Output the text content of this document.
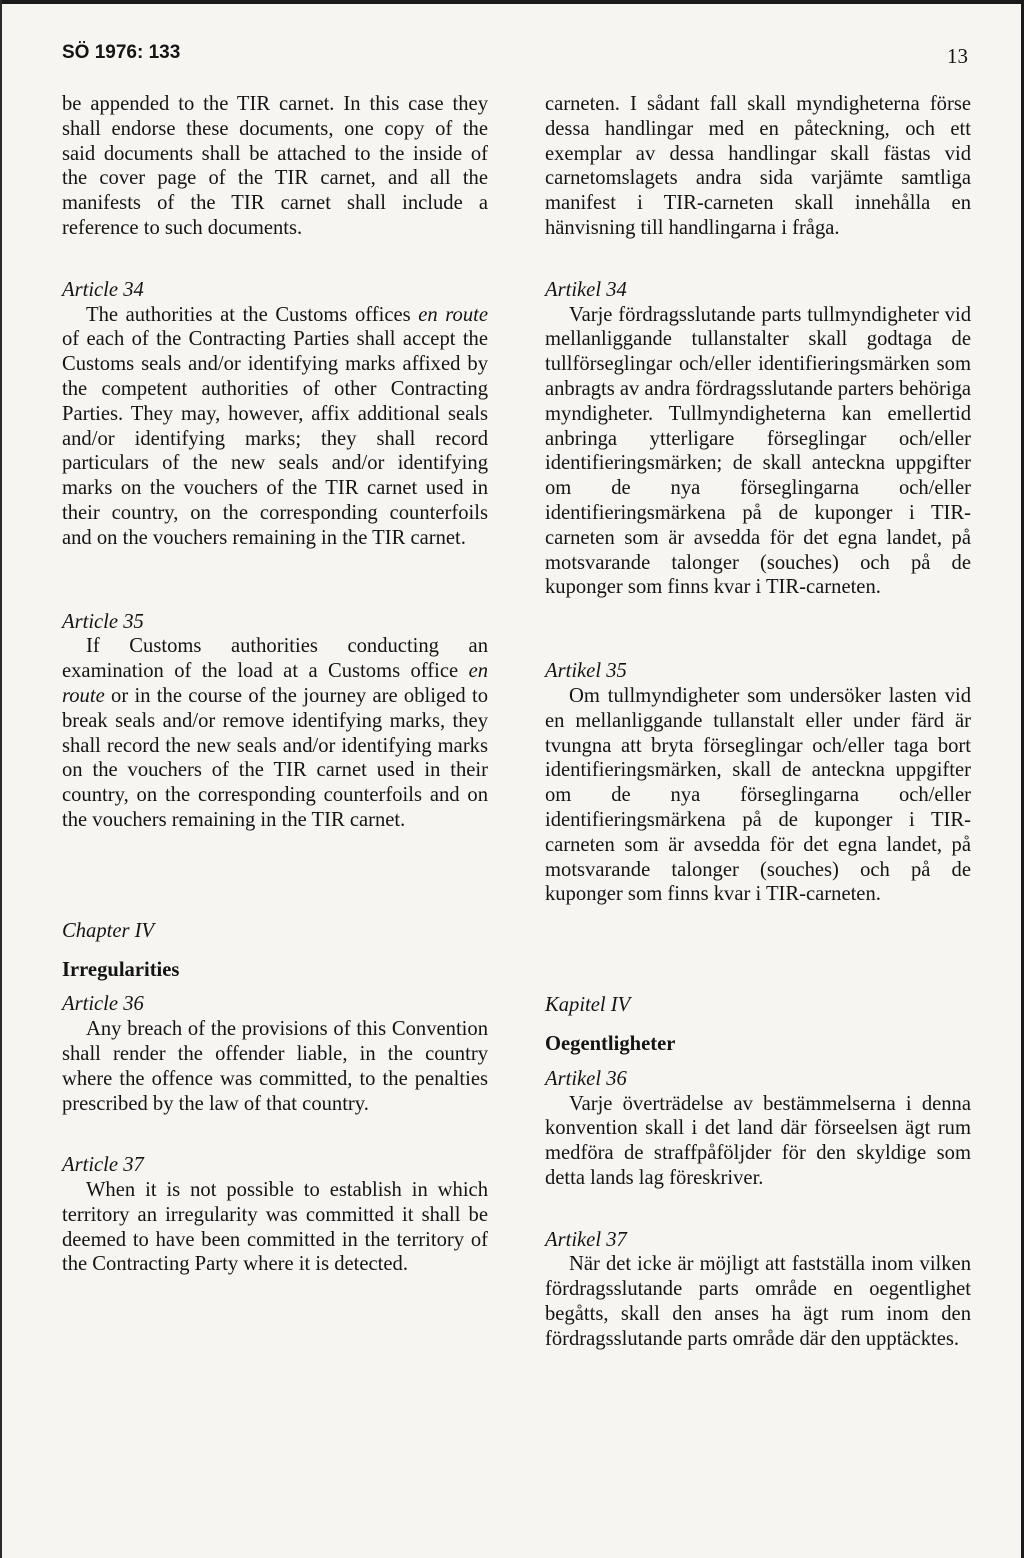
SÖ 1976: 133	13

be appended to the TIR carnet. In this case they shall endorse these documents, one copy of the said documents shall be attached to the inside of the cover page of the TIR carnet, and all the manifests of the TIR carnet shall include a reference to such documents.

Article 34

The authorities at the Customs offices en route of each of the Contracting Parties shall accept the Customs seals and/or identifying marks affixed by the competent authorities of other Contracting Parties. They may, however, affix additional seals and/or identifying marks; they shall record particulars of the new seals and/or identifying marks on the vouchers of the TIR carnet used in their country, on the corresponding counterfoils and on the vouchers remaining in the TIR carnet.

Article 35

If Customs authorities conducting an examination of the load at a Customs office en route or in the course of the journey are obliged to break seals and/or remove identifying marks, they shall record the new seals and/or identifying marks on the vouchers of the TIR carnet used in their country, on the corresponding counterfoils and on the vouchers remaining in the TIR carnet.

Chapter IV
Irregularities
Article 36

Any breach of the provisions of this Convention shall render the offender liable, in the country where the offence was committed, to the penalties prescribed by the law of that country.

Article 37

When it is not possible to establish in which territory an irregularity was committed it shall be deemed to have been committed in the territory of the Contracting Party where it is detected.

carneten. I sådant fall skall myndigheterna förse dessa handlingar med en påteckning, och ett exemplar av dessa handlingar skall fästas vid carnetomslagets andra sida varjämte samtliga manifest i TIR-carneten skall innehålla en hänvisning till handlingarna i fråga.

Artikel 34

Varje fördragsslutande parts tullmyndigheter vid mellanliggande tullanstalter skall godtaga de tullförseglingar och/eller identifieringsmärken som anbragts av andra fördragsslutande parters behöriga myndigheter. Tullmyndigheterna kan emellertid anbringa ytterligare förseglingar och/eller identifieringsmärken; de skall anteckna uppgifter om de nya förseglingarna och/eller identifieringsmärkena på de kuponger i TIR-carneten som är avsedda för det egna landet, på motsvarande talonger (souches) och på de kuponger som finns kvar i TIR-carneten.

Artikel 35

Om tullmyndigheter som undersöker lasten vid en mellanliggande tullanstalt eller under färd är tvungna att bryta förseglingar och/eller taga bort identifieringsmärken, skall de anteckna uppgifter om de nya förseglingarna och/eller identifieringsmärkena på de kuponger i TIR-carneten som är avsedda för det egna landet, på motsvarande talonger (souches) och på de kuponger som finns kvar i TIR-carneten.

Kapitel IV
Oegentligheter
Artikel 36

Varje överträdelse av bestämmelserna i denna konvention skall i det land där förseelsen ägt rum medföra de straffpåföljder för den skyldige som detta lands lag föreskriver.

Artikel 37

När det icke är möjligt att fastställa inom vilken fördragsslutande parts område en oegentlighet begåtts, skall den anses ha ägt rum inom den fördragsslutande parts område där den upptäcktes.
